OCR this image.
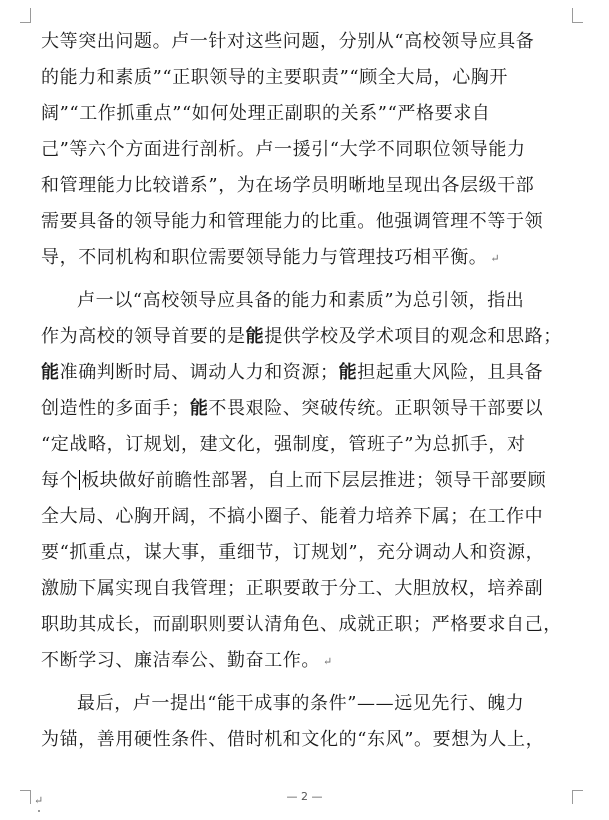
大等突出问题。卢一针对这些问题，分别从“高校领导应具备
的能力和素质”“正职领导的主要职责”“顾全大局，心胸开
阔”“工作抓重点”“如何处理正副职的关系”“严格要求自
己”等六个方面进行剖析。卢一援引“大学不同职位领导能力
和管理能力比较谱系”，为在场学员明晰地呈现出各层级干部
需要具备的领导能力和管理能力的比重。他强调管理不等于领
导，不同机构和职位需要领导能力与管理技巧相平衡。 ↵
卢一以“高校领导应具备的能力和素质”为总引领，指出
作为高校的领导首要的是能提供学校及学术项目的观念和思路；
能准确判断时局、调动人力和资源；能担起重大风险，且具备
创造性的多面手；能不畏艰险、突破传统。正职领导干部要以
“定战略，订规划，建文化，强制度，管班子”为总抓手，对
每个 板块做好前瞻性部署，自上而下层层推进；领导干部要顾
全大局、心胸开阔，不搞小圈子、能着力培养下属；在工作中
要“抓重点，谋大事，重细节，订规划”，充分调动人和资源，
激励下属实现自我管理；正职要敢于分工、大胆放权，培养副
职助其成长，而副职则要认清角色、成就正职；严格要求自己，
不断学习、廉洁奉公、勤奋工作。 ↵
最后，卢一提出“能干成事的条件”——远见先行、魄力
为锚，善用硬性条件、借时机和文化的“东风”。要想为人上，
↵	— 2 —
